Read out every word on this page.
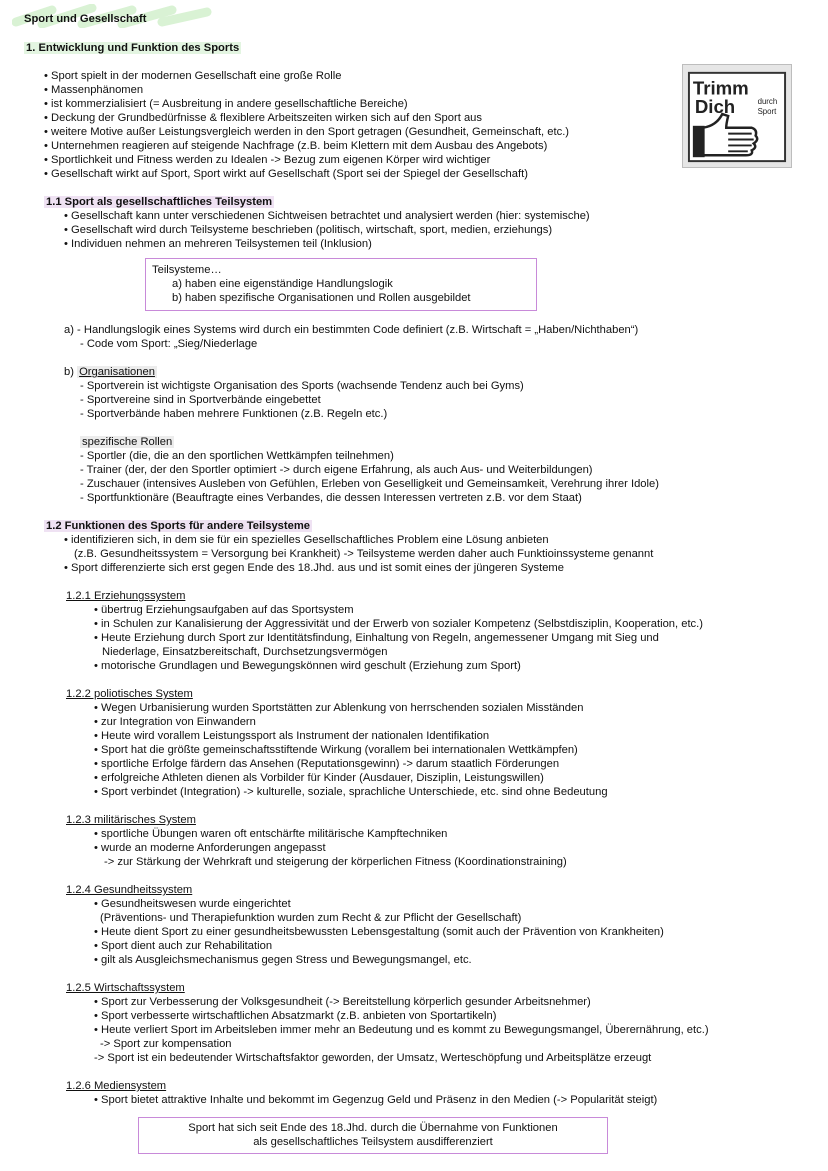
Sport und Gesellschaft
1. Entwicklung und Funktion des Sports
• Sport spielt in der modernen Gesellschaft eine große Rolle
• Massenphänomen
• ist kommerzialisiert (= Ausbreitung in andere gesellschaftliche Bereiche)
• Deckung der Grundbedürfnisse & flexiblere Arbeitszeiten wirken sich auf den Sport aus
• weitere Motive außer Leistungsvergleich werden in den Sport getragen (Gesundheit, Gemeinschaft, etc.)
• Unternehmen reagieren auf steigende Nachfrage (z.B. beim Klettern mit dem Ausbau des Angebots)
• Sportlichkeit und Fitness werden zu Idealen -> Bezug zum eigenen Körper wird wichtiger
• Gesellschaft wirkt auf Sport, Sport wirkt auf Gesellschaft (Sport sei der Spiegel der Gesellschaft)
Trimm
Dich	durch
Sport
1.1 Sport als gesellschaftliches Teilsystem
• Gesellschaft kann unter verschiedenen Sichtweisen betrachtet und analysiert werden (hier: systemische)
• Gesellschaft wird durch Teilsysteme beschrieben (politisch, wirtschaft, sport, medien, erziehungs)
• Individuen nehmen an mehreren Teilsystemen teil (Inklusion)
Teilsysteme…
a) haben eine eigenständige Handlungslogik
b) haben spezifische Organisationen und Rollen ausgebildet
a) - Handlungslogik eines Systems wird durch ein bestimmten Code definiert (z.B. Wirtschaft = „Haben/Nichthaben“)
- Code vom Sport: „Sieg/Niederlage
b) Organisationen
- Sportverein ist wichtigste Organisation des Sports (wachsende Tendenz auch bei Gyms)
- Sportvereine sind in Sportverbände eingebettet
- Sportverbände haben mehrere Funktionen (z.B. Regeln etc.)
spezifische Rollen
- Sportler (die, die an den sportlichen Wettkämpfen teilnehmen)
- Trainer (der, der den Sportler optimiert -> durch eigene Erfahrung, als auch Aus- und Weiterbildungen)
- Zuschauer (intensives Ausleben von Gefühlen, Erleben von Geselligkeit und Gemeinsamkeit, Verehrung ihrer Idole)
- Sportfunktionäre (Beauftragte eines Verbandes, die dessen Interessen vertreten z.B. vor dem Staat)
1.2 Funktionen des Sports für andere Teilsysteme
• identifizieren sich, in dem sie für ein spezielles Gesellschaftliches Problem eine Lösung anbieten
(z.B. Gesundheitssystem = Versorgung bei Krankheit) -> Teilsysteme werden daher auch Funktioinssysteme genannt
• Sport differenzierte sich erst gegen Ende des 18.Jhd. aus und ist somit eines der jüngeren Systeme
1.2.1 Erziehungssystem
• übertrug Erziehungsaufgaben auf das Sportsystem
• in Schulen zur Kanalisierung der Aggressivität und der Erwerb von sozialer Kompetenz (Selbstdisziplin, Kooperation, etc.)
• Heute Erziehung durch Sport zur Identitätsfindung, Einhaltung von Regeln, angemessener Umgang mit Sieg und
Niederlage, Einsatzbereitschaft, Durchsetzungsvermögen
• motorische Grundlagen und Bewegungskönnen wird geschult (Erziehung zum Sport)
1.2.2 poliotisches System
• Wegen Urbanisierung wurden Sportstätten zur Ablenkung von herrschenden sozialen Misständen
• zur Integration von Einwandern
• Heute wird vorallem Leistungssport als Instrument der nationalen Identifikation
• Sport hat die größte gemeinschaftsstiftende Wirkung (vorallem bei internationalen Wettkämpfen)
• sportliche Erfolge färdern das Ansehen (Reputationsgewinn) -> darum staatlich Förderungen
• erfolgreiche Athleten dienen als Vorbilder für Kinder (Ausdauer, Disziplin, Leistungswillen)
• Sport verbindet (Integration) -> kulturelle, soziale, sprachliche Unterschiede, etc. sind ohne Bedeutung
1.2.3 militärisches System
• sportliche Übungen waren oft entschärfte militärische Kampftechniken
• wurde an moderne Anforderungen angepasst
-> zur Stärkung der Wehrkraft und steigerung der körperlichen Fitness (Koordinationstraining)
1.2.4 Gesundheitssystem
• Gesundheitswesen wurde eingerichtet
(Präventions- und Therapiefunktion wurden zum Recht & zur Pflicht der Gesellschaft)
• Heute dient Sport zu einer gesundheitsbewussten Lebensgestaltung (somit auch der Prävention von Krankheiten)
• Sport dient auch zur Rehabilitation
• gilt als Ausgleichsmechanismus gegen Stress und Bewegungsmangel, etc.
1.2.5 Wirtschaftssystem
• Sport zur Verbesserung der Volksgesundheit (-> Bereitstellung körperlich gesunder Arbeitsnehmer)
• Sport verbesserte wirtschaftlichen Absatzmarkt (z.B. anbieten von Sportartikeln)
• Heute verliert Sport im Arbeitsleben immer mehr an Bedeutung und es kommt zu Bewegungsmangel, Überernährung, etc.)
-> Sport zur kompensation
-> Sport ist ein bedeutender Wirtschaftsfaktor geworden, der Umsatz, Werteschöpfung und Arbeitsplätze erzeugt
1.2.6 Mediensystem
• Sport bietet attraktive Inhalte und bekommt im Gegenzug Geld und Präsenz in den Medien (-> Popularität steigt)
Sport hat sich seit Ende des 18.Jhd. durch die Übernahme von Funktionen
als gesellschaftliches Teilsystem ausdifferenziert
